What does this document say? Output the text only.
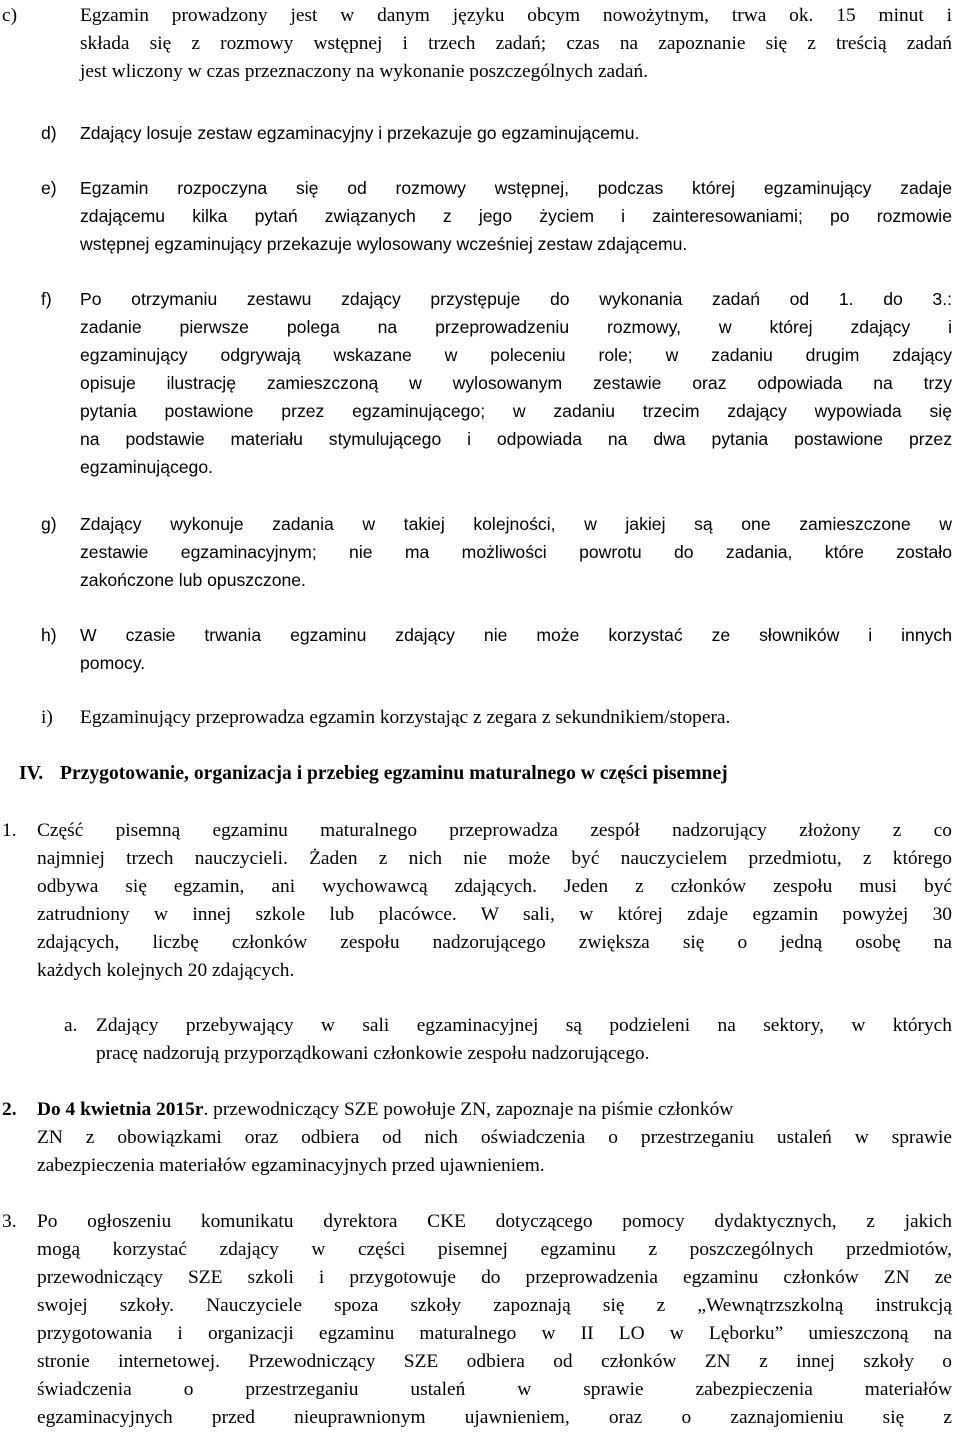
c)	Egzamin prowadzony jest w danym języku obcym nowożytnym, trwa ok. 15 minut i
składa się z rozmowy wstępnej i trzech zadań; czas na zapoznanie się z treścią zadań
jest wliczony w czas przeznaczony na wykonanie poszczególnych zadań.
d) Zdający losuje zestaw egzaminacyjny i przekazuje go egzaminującemu.
e) Egzamin rozpoczyna się od rozmowy wstępnej, podczas której egzaminujący zadaje
zdającemu kilka pytań związanych z jego życiem i zainteresowaniami; po rozmowie
wstępnej egzaminujący przekazuje wylosowany wcześniej zestaw zdającemu.
f) Po otrzymaniu zestawu zdający przystępuje do wykonania zadań od 1. do 3.:
zadanie pierwsze polega na przeprowadzeniu rozmowy, w której zdający i
egzaminujący odgrywają wskazane w poleceniu role; w zadaniu drugim zdający
opisuje ilustrację zamieszczoną w wylosowanym zestawie oraz odpowiada na trzy
pytania postawione przez egzaminującego; w zadaniu trzecim zdający wypowiada się
na podstawie materiału stymulującego i odpowiada na dwa pytania postawione przez
egzaminującego.
g) Zdający wykonuje zadania w takiej kolejności, w jakiej są one zamieszczone w
zestawie egzaminacyjnym; nie ma możliwości powrotu do zadania, które zostało
zakończone lub opuszczone.
h) W czasie trwania egzaminu zdający nie może korzystać ze słowników i innych
pomocy.
i) Egzaminujący przeprowadza egzamin korzystając z zegara z sekundnikiem/stopera.
IV. Przygotowanie, organizacja i przebieg egzaminu maturalnego w części pisemnej
1. Część pisemną egzaminu maturalnego przeprowadza zespół nadzorujący złożony z co
najmniej trzech nauczycieli. Żaden z nich nie może być nauczycielem przedmiotu, z którego
odbywa się egzamin, ani wychowawcą zdających. Jeden z członków zespołu musi być
zatrudniony w innej szkole lub placówce. W sali, w której zdaje egzamin powyżej 30
zdających, liczbę członków zespołu nadzorującego zwiększa się o jedną osobę na
każdych kolejnych 20 zdających.
a. Zdający przebywający w sali egzaminacyjnej są podzieleni na sektory, w których
pracę nadzorują przyporządkowani członkowie zespołu nadzorującego.
2. Do 4 kwietnia 2015r . przewodniczący SZE powołuje ZN, zapoznaje na piśmie członków
ZN z obowiązkami oraz odbiera od nich oświadczenia o przestrzeganiu ustaleń w sprawie
zabezpieczenia materiałów egzaminacyjnych przed ujawnieniem.
3. Po ogłoszeniu komunikatu dyrektora CKE dotyczącego pomocy dydaktycznych, z jakich
mogą korzystać zdający w części pisemnej egzaminu z poszczególnych przedmiotów,
przewodniczący SZE szkoli i przygotowuje do przeprowadzenia egzaminu członków ZN ze
swojej szkoły. Nauczyciele spoza szkoły zapoznają się z „Wewnątrzszkolną instrukcją
przygotowania i organizacji egzaminu maturalnego w II LO w Lęborku” umieszczoną na
stronie internetowej. Przewodniczący SZE odbiera od członków ZN z innej szkoły o
świadczenia o przestrzeganiu ustaleń w sprawie zabezpieczenia materiałów
egzaminacyjnych przed nieuprawnionym ujawnieniem, oraz o zaznajomieniu się z
